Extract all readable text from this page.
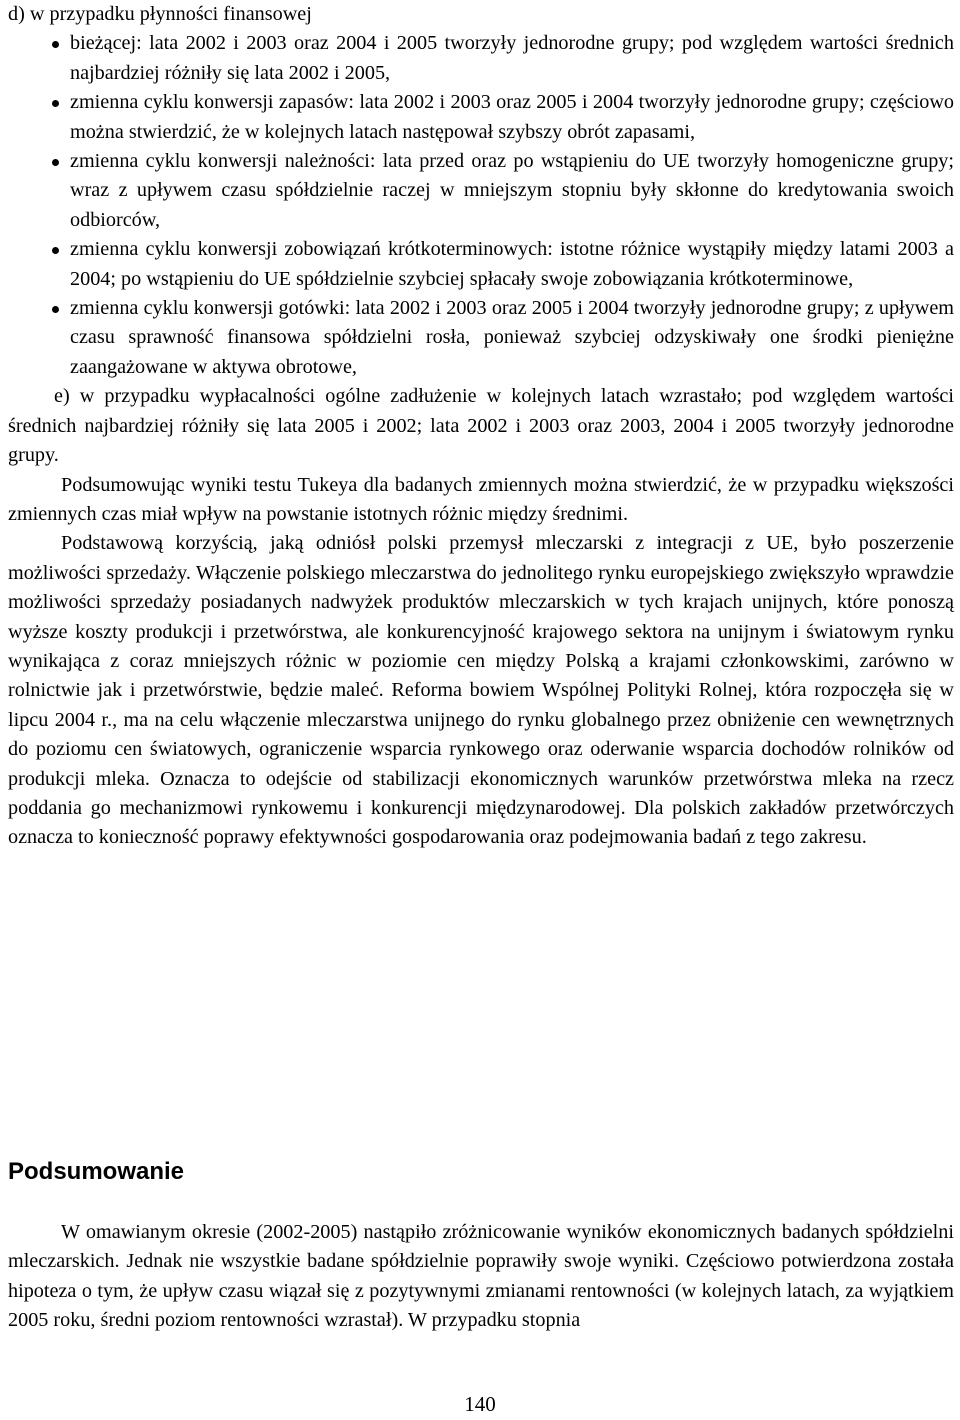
d) w przypadku płynności finansowej

bieżącej: lata 2002 i 2003 oraz 2004 i 2005 tworzyły jednorodne grupy; pod względem wartości średnich najbardziej różniły się lata 2002 i 2005,
zmienna cyklu konwersji zapasów: lata 2002 i 2003 oraz 2005 i 2004 tworzyły jednorodne grupy; częściowo można stwierdzić, że w kolejnych latach następował szybszy obrót zapasami,
zmienna cyklu konwersji należności: lata przed oraz po wstąpieniu do UE tworzyły homogeniczne grupy; wraz z upływem czasu spółdzielnie raczej w mniejszym stopniu były skłonne do kredytowania swoich odbiorców,
zmienna cyklu konwersji zobowiązań krótkoterminowych: istotne różnice wystąpiły między latami 2003 a 2004; po wstąpieniu do UE spółdzielnie szybciej spłacały swoje zobowiązania krótkoterminowe,
zmienna cyklu konwersji gotówki: lata 2002 i 2003 oraz 2005 i 2004 tworzyły jednorodne grupy; z upływem czasu sprawność finansowa spółdzielni rosła, ponieważ szybciej odzyskiwały one środki pieniężne zaangażowane w aktywa obrotowe,

e) w przypadku wypłacalności ogólne zadłużenie w kolejnych latach wzrastało; pod względem wartości średnich najbardziej różniły się lata 2005 i 2002; lata 2002 i 2003 oraz 2003, 2004 i 2005 tworzyły jednorodne grupy.

Podsumowując wyniki testu Tukeya dla badanych zmiennych można stwierdzić, że w przypadku większości zmiennych czas miał wpływ na powstanie istotnych różnic między średnimi.

Podstawową korzyścią, jaką odniósł polski przemysł mleczarski z integracji z UE, było poszerzenie możliwości sprzedaży. Włączenie polskiego mleczarstwa do jednolitego rynku europejskiego zwiększyło wprawdzie możliwości sprzedaży posiadanych nadwyżek produktów mleczarskich w tych krajach unijnych, które ponoszą wyższe koszty produkcji i przetwórstwa, ale konkurencyjność krajowego sektora na unijnym i światowym rynku wynikająca z coraz mniejszych różnic w poziomie cen między Polską a krajami członkowskimi, zarówno w rolnictwie jak i przetwórstwie, będzie maleć. Reforma bowiem Wspólnej Polityki Rolnej, która rozpoczęła się w lipcu 2004 r., ma na celu włączenie mleczarstwa unijnego do rynku globalnego przez obniżenie cen wewnętrznych do poziomu cen światowych, ograniczenie wsparcia rynkowego oraz oderwanie wsparcia dochodów rolników od produkcji mleka. Oznacza to odejście od stabilizacji ekonomicznych warunków przetwórstwa mleka na rzecz poddania go mechanizmowi rynkowemu i konkurencji międzynarodowej. Dla polskich zakładów przetwórczych oznacza to konieczność poprawy efektywności gospodarowania oraz podejmowania badań z tego zakresu.

Podsumowanie

W omawianym okresie (2002-2005) nastąpiło zróżnicowanie wyników ekonomicznych badanych spółdzielni mleczarskich. Jednak nie wszystkie badane spółdzielnie poprawiły swoje wyniki. Częściowo potwierdzona została hipoteza o tym, że upływ czasu wiązał się z pozytywnymi zmianami rentowności (w kolejnych latach, za wyjątkiem 2005 roku, średni poziom rentowności wzrastał). W przypadku stopnia

140
